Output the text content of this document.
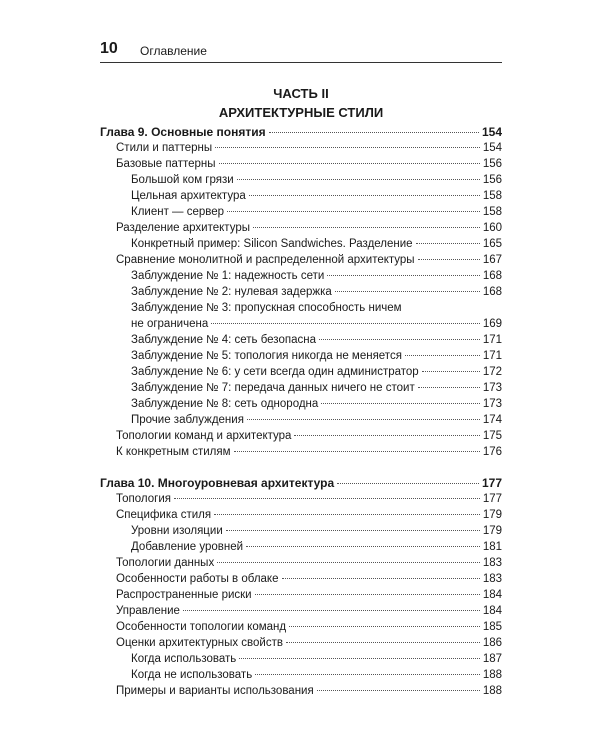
10 Оглавление
ЧАСТЬ II
АРХИТЕКТУРНЫЕ СТИЛИ
Глава 9. Основные понятия	154
Стили и паттерны	154
Базовые паттерны	156
Большой ком грязи	156
Цельная архитектура	158
Клиент — сервер	158
Разделение архитектуры	160
Конкретный пример: Silicon Sandwiches. Разделение	165
Сравнение монолитной и распределенной архитектуры	167
Заблуждение № 1: надежность сети	168
Заблуждение № 2: нулевая задержка	168
Заблуждение № 3: пропускная способность ничем
не ограничена	169
Заблуждение № 4: сеть безопасна	171
Заблуждение № 5: топология никогда не меняется	171
Заблуждение № 6: у сети всегда один администратор	172
Заблуждение № 7: передача данных ничего не стоит	173
Заблуждение № 8: сеть однородна	173
Прочие заблуждения	174
Топологии команд и архитектура	175
К конкретным стилям	176
Глава 10. Многоуровневая архитектура	177
Топология	177
Специфика стиля	179
Уровни изоляции	179
Добавление уровней	181
Топологии данных	183
Особенности работы в облаке	183
Распространенные риски	184
Управление	184
Особенности топологии команд	185
Оценки архитектурных свойств	186
Когда использовать	187
Когда не использовать	188
Примеры и варианты использования	188
